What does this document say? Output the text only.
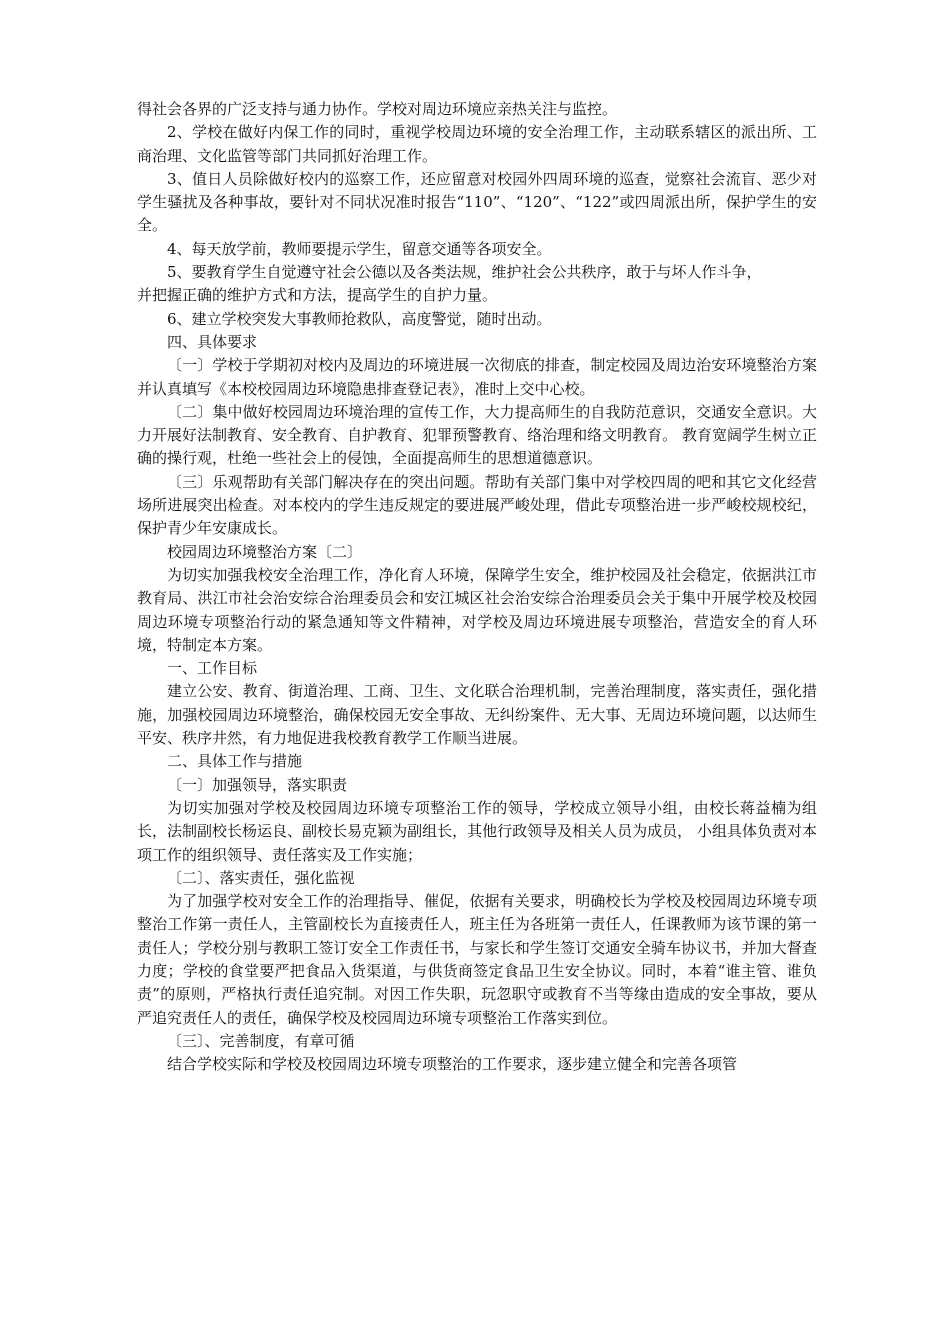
得社会各界的广泛支持与通力协作。学校对周边环境应亲热关注与监控。

2、学校在做好内保工作的同时，重视学校周边环境的安全治理工作，主动联系辖区的派出所、工商治理、文化监管等部门共同抓好治理工作。

3、值日人员除做好校内的巡察工作，还应留意对校园外四周环境的巡查，觉察社会流盲、恶少对学生骚扰及各种事故，要针对不同状况准时报告“110”、“120”、“122”或四周派出所，保护学生的安全。

4、每天放学前，教师要提示学生，留意交通等各项安全。

5、要教育学生自觉遵守社会公德以及各类法规，维护社会公共秩序，敢于与坏人作斗争，

并把握正确的维护方式和方法，提高学生的自护力量。

6、建立学校突发大事教师抢救队，高度警觉，随时出动。

四、具体要求

〔一〕学校于学期初对校内及周边的环境进展一次彻底的排查，制定校园及周边治安环境整治方案并认真填写《本校校园周边环境隐患排查登记表》，准时上交中心校。

〔二〕集中做好校园周边环境治理的宣传工作，大力提高师生的自我防范意识，交通安全意识。大力开展好法制教育、安全教育、自护教育、犯罪预警教育、络治理和络文明教育。 教育宽阔学生树立正确的操行观，杜绝一些社会上的侵蚀，全面提高师生的思想道德意识。

〔三〕乐观帮助有关部门解决存在的突出问题。帮助有关部门集中对学校四周的吧和其它文化经营场所进展突出检查。对本校内的学生违反规定的要进展严峻处理，借此专项整治进一步严峻校规校纪，保护青少年安康成长。

校园周边环境整治方案〔二〕

为切实加强我校安全治理工作，净化育人环境，保障学生安全，维护校园及社会稳定，依据洪江市教育局、洪江市社会治安综合治理委员会和安江城区社会治安综合治理委员会关于集中开展学校及校园周边环境专项整治行动的紧急通知等文件精神，对学校及周边环境进展专项整治，营造安全的育人环境，特制定本方案。

一、工作目标

建立公安、教育、街道治理、工商、卫生、文化联合治理机制，完善治理制度，落实责任，强化措施，加强校园周边环境整治，确保校园无安全事故、无纠纷案件、无大事、无周边环境问题，以达师生平安、秩序井然，有力地促进我校教育教学工作顺当进展。

二、具体工作与措施

〔一〕加强领导，落实职责

为切实加强对学校及校园周边环境专项整治工作的领导，学校成立领导小组，由校长蒋益楠为组长，法制副校长杨运良、副校长易克颖为副组长，其他行政领导及相关人员为成员， 小组具体负责对本项工作的组织领导、责任落实及工作实施；

〔二〕、落实责任，强化监视

为了加强学校对安全工作的治理指导、催促，依据有关要求，明确校长为学校及校园周边环境专项整治工作第一责任人，主管副校长为直接责任人，班主任为各班第一责任人，任课教师为该节课的第一责任人；学校分别与教职工签订安全工作责任书，与家长和学生签订交通安全骑车协议书，并加大督查力度；学校的食堂要严把食品入货渠道，与供货商签定食品卫生安全协议。同时，本着“谁主管、谁负责”的原则，严格执行责任追究制。对因工作失职，玩忽职守或教育不当等缘由造成的安全事故，要从严追究责任人的责任，确保学校及校园周边环境专项整治工作落实到位。

〔三〕、完善制度，有章可循

结合学校实际和学校及校园周边环境专项整治的工作要求，逐步建立健全和完善各项管
